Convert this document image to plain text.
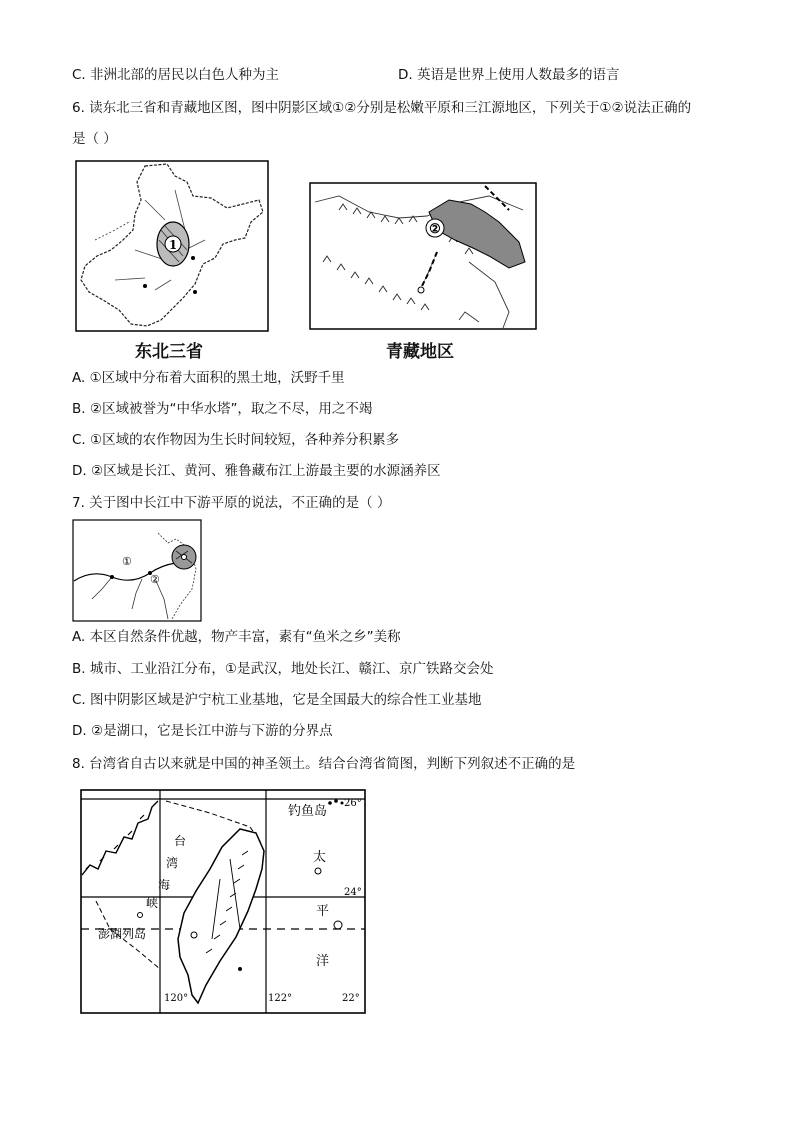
C. 非洲北部的居民以白色人种为主	D. 英语是世界上使用人数最多的语言
6. 读东北三省和青藏地区图，图中阴影区域①②分别是松嫩平原和三江源地区，下列关于①②说法正确的
是（ ）
1
东北三省
②
青藏地区
A. ①区域中分布着大面积的黑土地，沃野千里
B. ②区域被誉为“中华水塔”，取之不尽，用之不竭
C. ①区域的农作物因为生长时间较短，各种养分积累多
D. ②区域是长江、黄河、雅鲁藏布江上游最主要的水源涵养区
7. 关于图中长江中下游平原的说法，不正确的是（ ）
①
②
A. 本区自然条件优越，物产丰富，素有“鱼米之乡”美称
B. 城市、工业沿江分布，①是武汉，地处长江、赣江、京广铁路交会处
C. 图中阴影区域是沪宁杭工业基地，它是全国最大的综合性工业基地
D. ②是湖口，它是长江中游与下游的分界点
8. 台湾省自古以来就是中国的神圣领土。结合台湾省简图，判断下列叙述不正确的是
钓鱼岛
26°
太
平
洋
24°
22°
120°	122°
台
湾
海
峡
澎湖列岛
